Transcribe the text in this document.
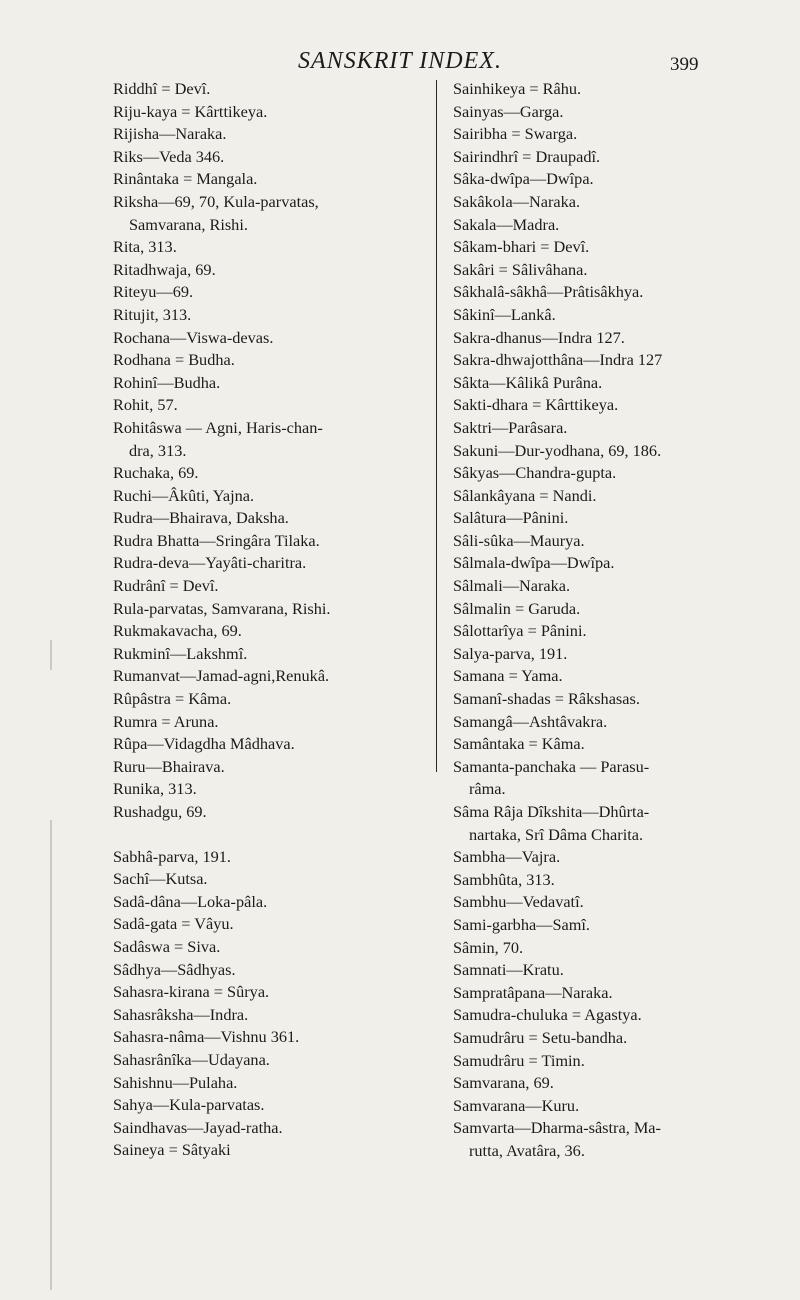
SANSKRIT INDEX.	399
Riddhî = Devî.
Riju-kaya = Kârttikeya.
Rijisha—Naraka.
Riks—Veda 346.
Rinântaka = Mangala.
Riksha—69, 70, Kula-parvatas,
Samvarana, Rishi.
Rita, 313.
Ritadhwaja, 69.
Riteyu—69.
Ritujit, 313.
Rochana—Viswa-devas.
Rodhana = Budha.
Rohinî—Budha.
Rohit, 57.
Rohitâswa — Agni, Haris-chan-
dra, 313.
Ruchaka, 69.
Ruchi—Âkûti, Yajna.
Rudra—Bhairava, Daksha.
Rudra Bhatta—Sringâra Tilaka.
Rudra-deva—Yayâti-charitra.
Rudrânî = Devî.
Rula-parvatas, Samvarana, Rishi.
Rukmakavacha, 69.
Rukminî—Lakshmî.
Rumanvat—Jamad-agni,Renukâ.
Rûpâstra = Kâma.
Rumra = Aruna.
Rûpa—Vidagdha Mâdhava.
Ruru—Bhairava.
Runika, 313.
Rushadgu, 69.
Sabhâ-parva, 191.
Sachî—Kutsa.
Sadâ-dâna—Loka-pâla.
Sadâ-gata = Vâyu.
Sadâswa = Siva.
Sâdhya—Sâdhyas.
Sahasra-kirana = Sûrya.
Sahasrâksha—Indra.
Sahasra-nâma—Vishnu 361.
Sahasrânîka—Udayana.
Sahishnu—Pulaha.
Sahya—Kula-parvatas.
Saindhavas—Jayad-ratha.
Saineya = Sâtyaki
Sainhikeya = Râhu.
Sainyas—Garga.
Sairibha = Swarga.
Sairindhrî = Draupadî.
Sâka-dwîpa—Dwîpa.
Sakâkola—Naraka.
Sakala—Madra.
Sâkam-bhari = Devî.
Sakâri = Sâlivâhana.
Sâkhalâ-sâkhâ—Prâtisâkhya.
Sâkinî—Lankâ.
Sakra-dhanus—Indra 127.
Sakra-dhwajotthâna—Indra 127
Sâkta—Kâlikâ Purâna.
Sakti-dhara = Kârttikeya.
Saktri—Parâsara.
Sakuni—Dur-yodhana, 69, 186.
Sâkyas—Chandra-gupta.
Sâlankâyana = Nandi.
Salâtura—Pânini.
Sâli-sûka—Maurya.
Sâlmala-dwîpa—Dwîpa.
Sâlmali—Naraka.
Sâlmalin = Garuda.
Sâlottarîya = Pânini.
Salya-parva, 191.
Samana = Yama.
Samanî-shadas = Râkshasas.
Samangâ—Ashtâvakra.
Samântaka = Kâma.
Samanta-panchaka — Parasu-
râma.
Sâma Râja Dîkshita—Dhûrta-
nartaka, Srî Dâma Charita.
Sambha—Vajra.
Sambhûta, 313.
Sambhu—Vedavatî.
Sami-garbha—Samî.
Sâmin, 70.
Samnati—Kratu.
Sampratâpana—Naraka.
Samudra-chuluka = Agastya.
Samudrâru = Setu-bandha.
Samudrâru = Timin.
Samvarana, 69.
Samvarana—Kuru.
Samvarta—Dharma-sâstra, Ma-
rutta, Avatâra, 36.
